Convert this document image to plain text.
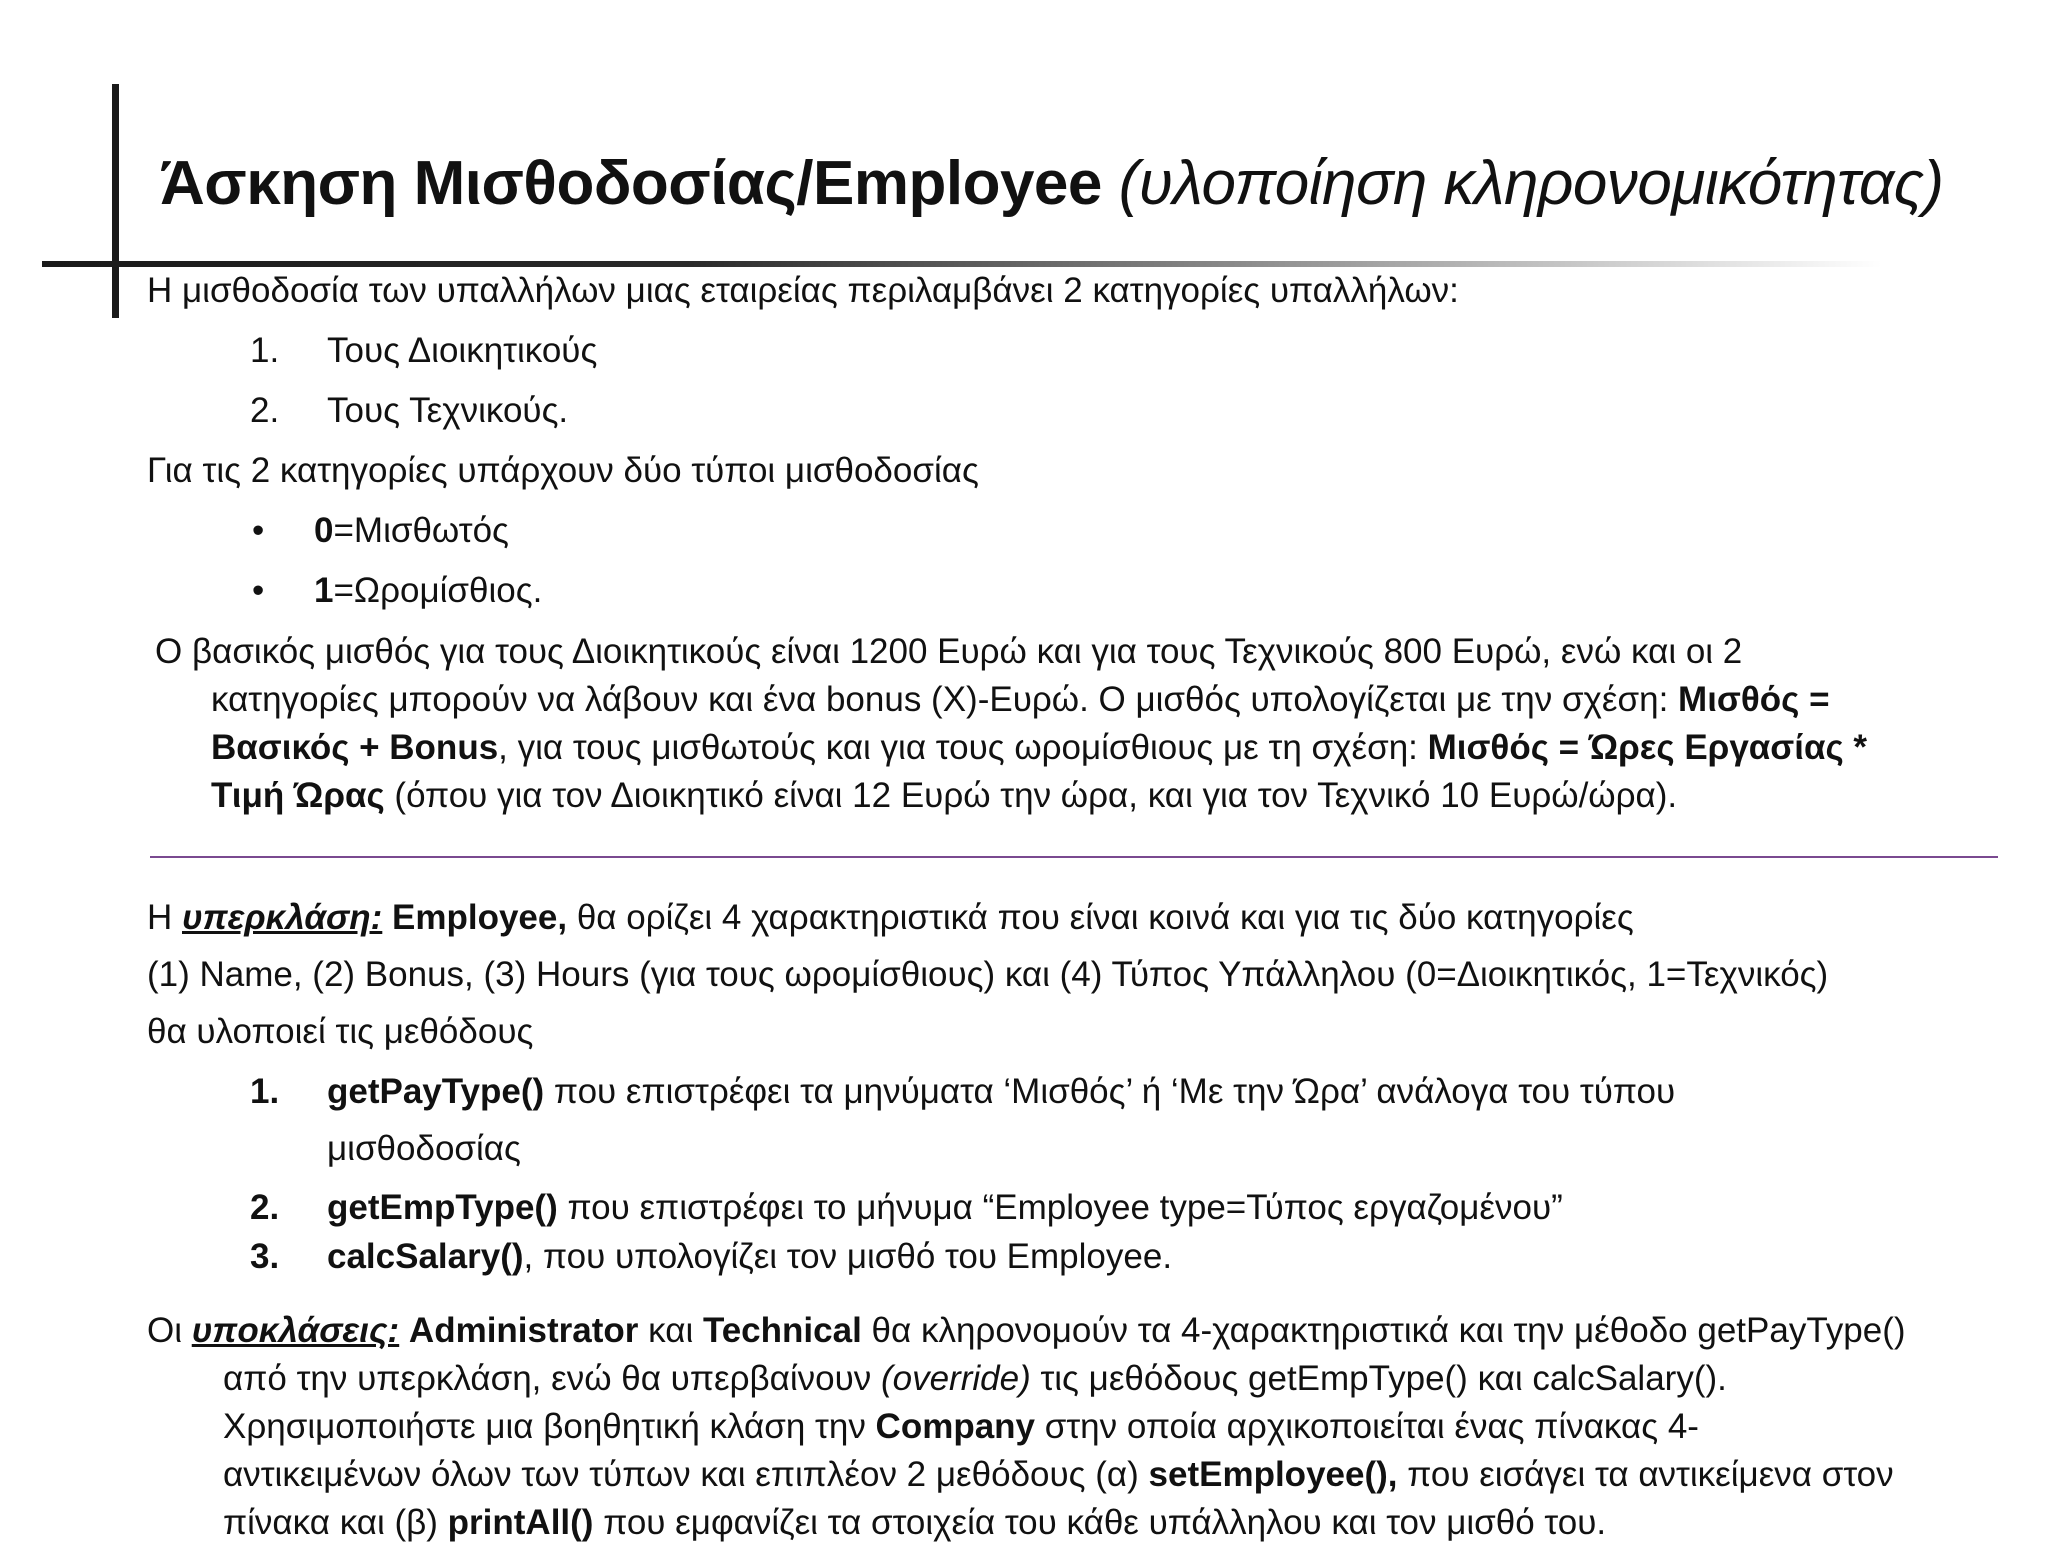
Άσκηση Μισθοδοσίας/Employee (υλοποίηση κληρονομικότητας)
Η μισθοδοσία των υπαλλήλων μιας εταιρείας περιλαμβάνει 2 κατηγορίες υπαλλήλων:
1. Τους Διοικητικούς
2. Τους Τεχνικούς.
Για τις 2 κατηγορίες υπάρχουν δύο τύποι μισθοδοσίας
• 0=Μισθωτός
• 1=Ωρομίσθιος.
Ο βασικός μισθός για τους Διοικητικούς είναι 1200 Ευρώ και για τους Τεχνικούς 800 Ευρώ, ενώ και οι 2
κατηγορίες μπορούν να λάβουν και ένα bonus (Χ)-Ευρώ. Ο μισθός υπολογίζεται με την σχέση: Μισθός =
Βασικός + Bonus, για τους μισθωτούς και για τους ωρομίσθιους με τη σχέση: Μισθός = Ώρες Εργασίας *
Τιμή Ώρας (όπου για τον Διοικητικό είναι 12 Ευρώ την ώρα, και για τον Τεχνικό 10 Ευρώ/ώρα).
Η υπερκλάση: Employee, θα ορίζει 4 χαρακτηριστικά που είναι κοινά και για τις δύο κατηγορίες
(1) Name, (2) Bonus, (3) Hours (για τους ωρομίσθιους) και (4) Τύπος Υπάλληλου (0=Διοικητικός, 1=Τεχνικός)
θα υλοποιεί τις μεθόδους
1. getPayType() που επιστρέφει τα μηνύματα ‘Μισθός’ ή ‘Με την Ώρα’ ανάλογα του τύπου
μισθοδοσίας
2. getEmpType() που επιστρέφει το μήνυμα “Employee type=Τύπος εργαζομένου”
3. calcSalary(), που υπολογίζει τον μισθό του Employee.
Οι υποκλάσεις: Administrator και Technical θα κληρονομούν τα 4-χαρακτηριστικά και την μέθοδο getPayType()
από την υπερκλάση, ενώ θα υπερβαίνουν (override) τις μεθόδους getEmpType() και calcSalary().
Χρησιμοποιήστε μια βοηθητική κλάση την Company στην οποία αρχικοποιείται ένας πίνακας 4-
αντικειμένων όλων των τύπων και επιπλέον 2 μεθόδους (α) setEmployee(), που εισάγει τα αντικείμενα στον
πίνακα και (β) printAll() που εμφανίζει τα στοιχεία του κάθε υπάλληλου και τον μισθό του.
